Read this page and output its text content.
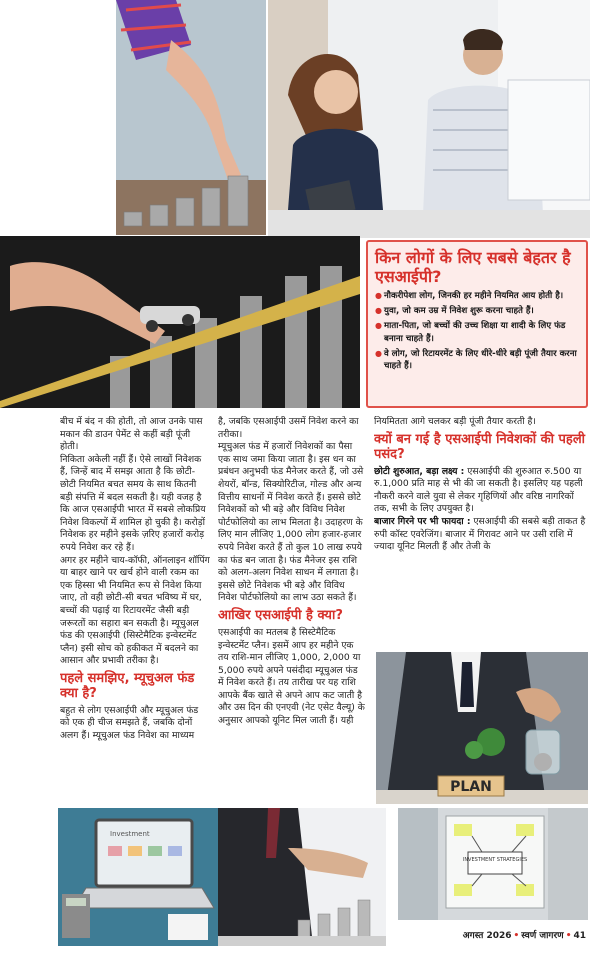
किन लोगों के लिए सबसे बेहतर है एसआईपी?
● नौकरीपेशा लोग, जिनकी हर महीने नियमित आय होती है।
● युवा, जो कम उम्र में निवेश शुरू करना चाहते हैं।
● माता-पिता, जो बच्चों की उच्च शिक्षा या शादी के लिए फंड बनाना चाहते हैं।
● वे लोग, जो रिटायरमेंट के लिए धीरे-धीरे बड़ी पूंजी तैयार करना चाहते हैं।

बीच में बंद न की होती, तो आज उनके पास मकान की डाउन पेमेंट से कहीं बड़ी पूंजी होती।

निकिता अकेली नहीं हैं। ऐसे लाखों निवेशक हैं, जिन्हें बाद में समझ आता है कि छोटी-छोटी नियमित बचत समय के साथ कितनी बड़ी संपत्ति में बदल सकती है। यही वजह है कि आज एसआईपी भारत में सबसे लोकप्रिय निवेश विकल्पों में शामिल हो चुकी है। करोड़ों निवेशक हर महीने इसके ज़रिए हजारों करोड़ रुपये निवेश कर रहे हैं।

अगर हर महीने चाय-कॉफी, ऑनलाइन शॉपिंग या बाहर खाने पर खर्च होने वाली रकम का एक हिस्सा भी नियमित रूप से निवेश किया जाए, तो वही छोटी-सी बचत भविष्य में घर, बच्चों की पढ़ाई या रिटायरमेंट जैसी बड़ी जरूरतों का सहारा बन सकती है। म्यूचुअल फंड की एसआईपी (सिस्टेमैटिक इन्वेस्टमेंट प्लैन) इसी सोच को हकीकत में बदलने का आसान और प्रभावी तरीका है।

पहले समझिए, म्यूचुअल फंड क्या है?

बहुत से लोग एसआईपी और म्यूचुअल फंड को एक ही चीज समझते हैं, जबकि दोनों अलग हैं। म्यूचुअल फंड निवेश का माध्यम

है, जबकि एसआईपी उसमें निवेश करने का तरीका।

म्यूचुअल फंड में हजारों निवेशकों का पैसा एक साथ जमा किया जाता है। इस धन का प्रबंधन अनुभवी फंड मैनेजर करते हैं, जो उसे शेयरों, बॉन्ड, सिक्योरिटीज, गोल्ड और अन्य वित्तीय साधनों में निवेश करते हैं। इससे छोटे निवेशकों को भी बड़े और विविध निवेश पोर्टफोलियो का लाभ मिलता है। उदाहरण के लिए मान लीजिए 1,000 लोग हजार-हजार रुपये निवेश करते हैं तो कुल 10 लाख रुपये का फंड बन जाता है। फंड मैनेजर इस राशि को अलग-अलग निवेश साधन में लगाता है। इससे छोटे निवेशक भी बड़े और विविध निवेश पोर्टफोलियो का लाभ उठा सकते हैं।

आखिर एसआईपी है क्या?

एसआईपी का मतलब है सिस्टेमैटिक इन्वेस्टमेंट प्लैन। इसमें आप हर महीने एक तय राशि-मान लीजिए 1,000, 2,000 या 5,000 रुपये अपने पसंदीदा म्यूचुअल फंड में निवेश करते हैं। तय तारीख पर यह राशि आपके बैंक खाते से अपने आप कट जाती है और उस दिन की एनएवी (नेट एसेट वैल्यू) के अनुसार आपको यूनिट मिल जाती हैं। यही

नियमितता आगे चलकर बड़ी पूंजी तैयार करती है।

क्यों बन गई है एसआईपी निवेशकों की पहली पसंद?

छोटी शुरुआत, बड़ा लक्ष्य : एसआईपी की शुरुआत रु.500 या रु.1,000 प्रति माह से भी की जा सकती है। इसलिए यह पहली नौकरी करने वाले युवा से लेकर गृहिणियों और वरिष्ठ नागरिकों तक, सभी के लिए उपयुक्त है।

बाजार गिरने पर भी फायदा : एसआईपी की सबसे बड़ी ताकत है रुपी कॉस्ट एवरेजिंग। बाजार में गिरावट आने पर उसी राशि में ज्यादा यूनिट मिलती हैं और तेजी के

PLAN
Investment
INVESTMENT STRATEGIES
अगस्त 2026 • स्वर्ण जागरण • 41
